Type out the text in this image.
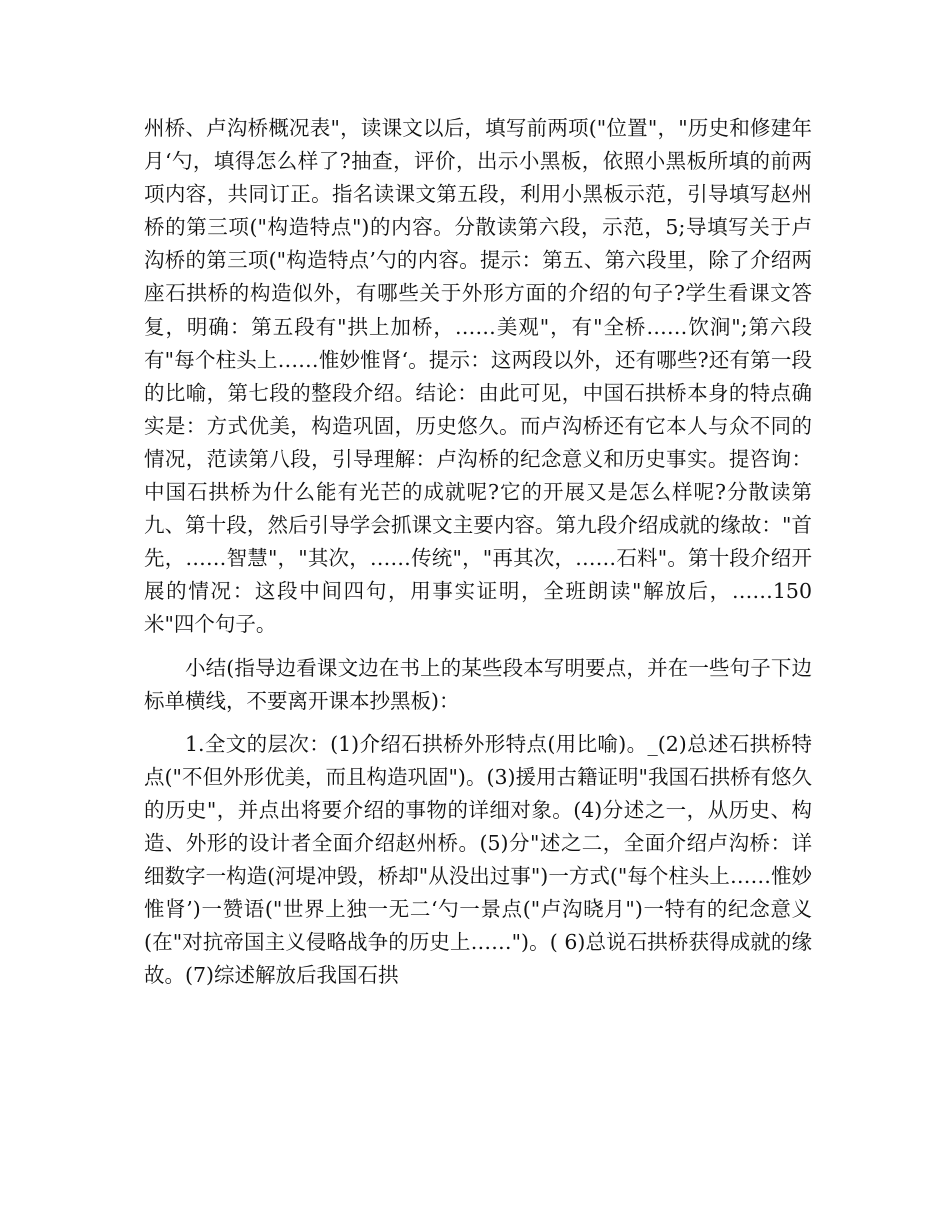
州桥、卢沟桥概况表"，读课文以后，填写前两项("位置"，"历史和修建年月‘勺，填得怎么样了?抽查，评价，出示小黑板，依照小黑板所填的前两项内容，共同订正。指名读课文第五段，利用小黑板示范，引导填写赵州桥的第三项("构造特点")的内容。分散读第六段，示范，5;导填写关于卢沟桥的第三项("构造特点’勺的内容。提示：第五、第六段里，除了介绍两座石拱桥的构造似外，有哪些关于外形方面的介绍的句子?学生看课文答复，明确：第五段有"拱上加桥，……美观"，有"全桥……饮涧";第六段有"每个柱头上……惟妙惟肾‘。提示：这两段以外，还有哪些?还有第一段的比喻，第七段的整段介绍。结论：由此可见，中国石拱桥本身的特点确实是：方式优美，构造巩固，历史悠久。而卢沟桥还有它本人与众不同的情况，范读第八段，引导理解：卢沟桥的纪念意义和历史事实。提咨询：中国石拱桥为什么能有光芒的成就呢?它的开展又是怎么样呢?分散读第九、第十段，然后引导学会抓课文主要内容。第九段介绍成就的缘故："首先，……智慧"，"其次，……传统"，"再其次，……石料"。第十段介绍开展的情况：这段中间四句，用事实证明，全班朗读"解放后，……150米"四个句子。

小结(指导边看课文边在书上的某些段本写明要点，并在一些句子下边标单横线，不要离开课本抄黑板)：

1.全文的层次：(1)介绍石拱桥外形特点(用比喻)。_(2)总述石拱桥特点("不但外形优美，而且构造巩固")。(3)援用古籍证明"我国石拱桥有悠久的历史"，并点出将要介绍的事物的详细对象。(4)分述之一，从历史、构造、外形的设计者全面介绍赵州桥。(5)分"述之二，全面介绍卢沟桥：详细数字一构造(河堤冲毁，桥却"从没出过事")一方式("每个柱头上……惟妙惟肾’)一赞语("世界上独一无二‘勺一景点("卢沟晓月")一特有的纪念意义(在"对抗帝国主义侵略战争的历史上……")。( 6)总说石拱桥获得成就的缘故。(7)综述解放后我国石拱
